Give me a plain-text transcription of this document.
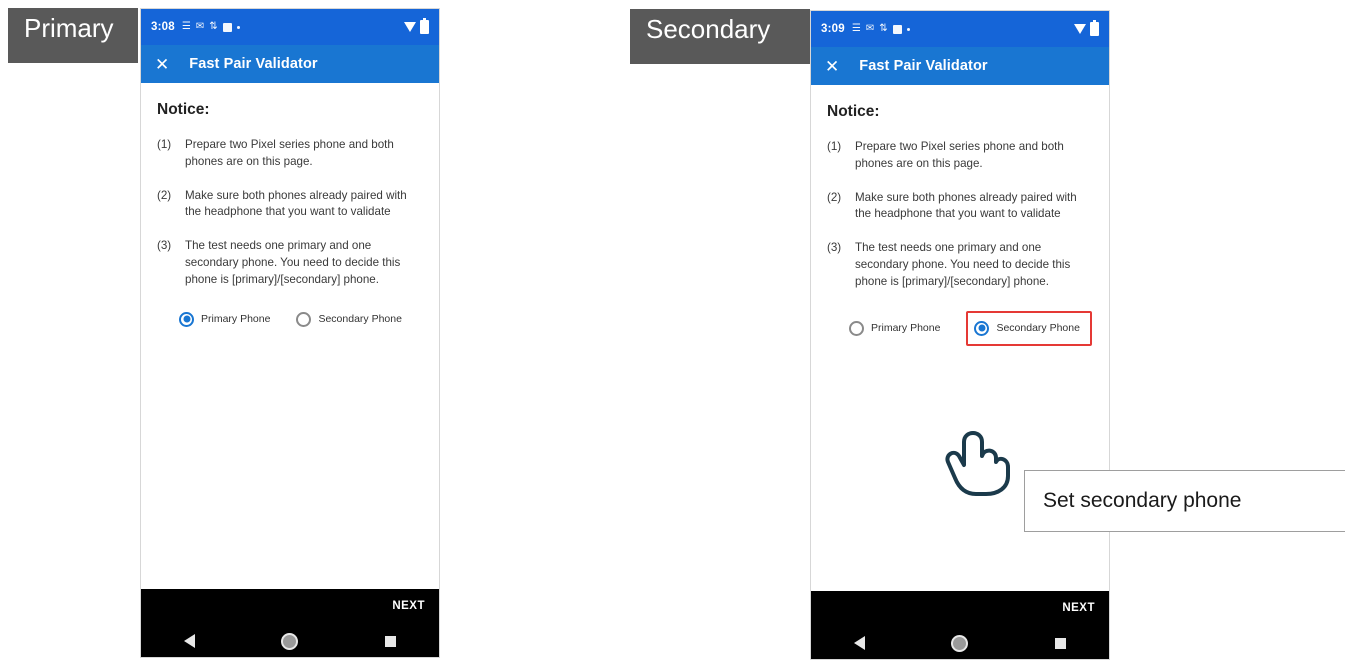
Primary	3:08 ☰ ✉ ⇅
✕ Fast Pair Validator
Notice:
(1)	Prepare two Pixel series phone and both phones are on this page.
(2)	Make sure both phones already paired with the headphone that you want to validate
(3)	The test needs one primary and one secondary phone. You need to decide this phone is [primary]/[secondary] phone.
Primary Phone	Secondary Phone
NEXT
Secondary	3:09 ☰ ✉ ⇅
✕ Fast Pair Validator
Notice:
(1)	Prepare two Pixel series phone and both phones are on this page.
(2)	Make sure both phones already paired with the headphone that you want to validate
(3)	The test needs one primary and one secondary phone. You need to decide this phone is [primary]/[secondary] phone.
Primary Phone	Secondary Phone
NEXT
Set secondary phone
